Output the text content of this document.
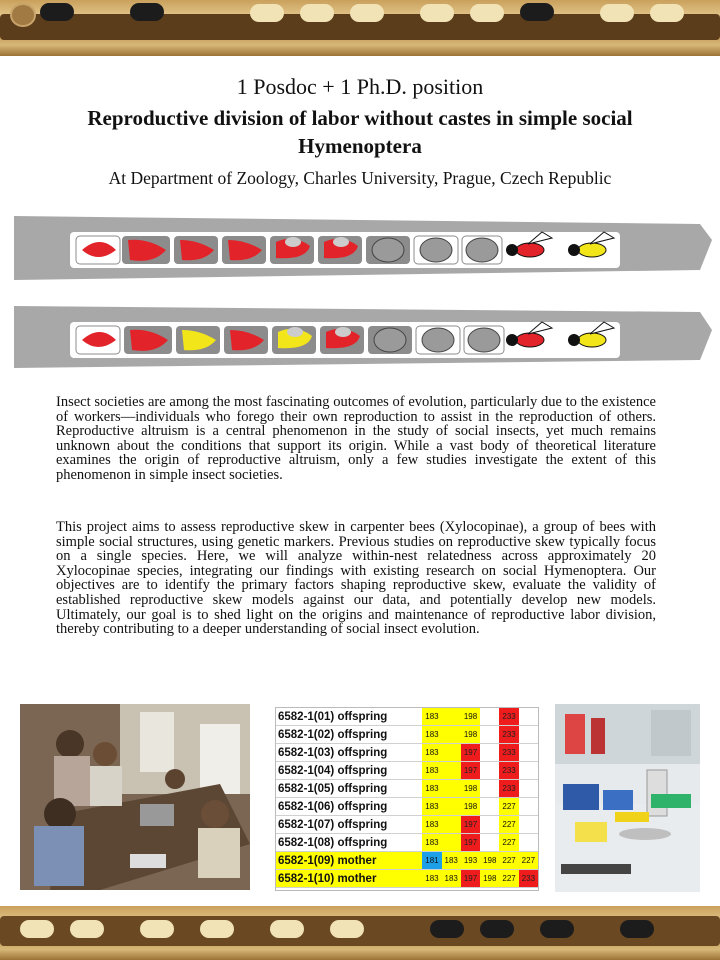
1 Posdoc + 1 Ph.D. position
Reproductive division of labor without castes in simple social Hymenoptera
At Department of Zoology, Charles University, Prague, Czech Republic

Insect societies are among the most fascinating outcomes of evolution, particularly due to the existence of workers—individuals who forego their own reproduction to assist in the reproduction of others. Reproductive altruism is a central phenomenon in the study of social insects, yet much remains unknown about the conditions that support its origin. While a vast body of theoretical literature examines the origin of reproductive altruism, only a few studies investigate the extent of this phenomenon in simple insect societies.

This project aims to assess reproductive skew in carpenter bees (Xylocopinae), a group of bees with simple social structures, using genetic markers. Previous studies on reproductive skew typically focus on a single species. Here, we will analyze within-nest relatedness across approximately 20 Xylocopinae species, integrating our findings with existing research on social Hymenoptera. Our objectives are to identify the primary factors shaping reproductive skew, evaluate the validity of established reproductive skew models against our data, and potentially develop new models. Ultimately, our goal is to shed light on the origins and maintenance of reproductive labor division, thereby contributing to a deeper understanding of social insect evolution.

6582-1(01) offspring	183		198		233	
6582-1(02) offspring	183		198		233	
6582-1(03) offspring	183		197		233	
6582-1(04) offspring	183		197		233	
6582-1(05) offspring	183		198		233	
6582-1(06) offspring	183		198		227	
6582-1(07) offspring	183		197		227	
6582-1(08) offspring	183		197		227	
6582-1(09) mother	181	183	193	198	227	227
6582-1(10) mother	183	183	197	198	227	233
